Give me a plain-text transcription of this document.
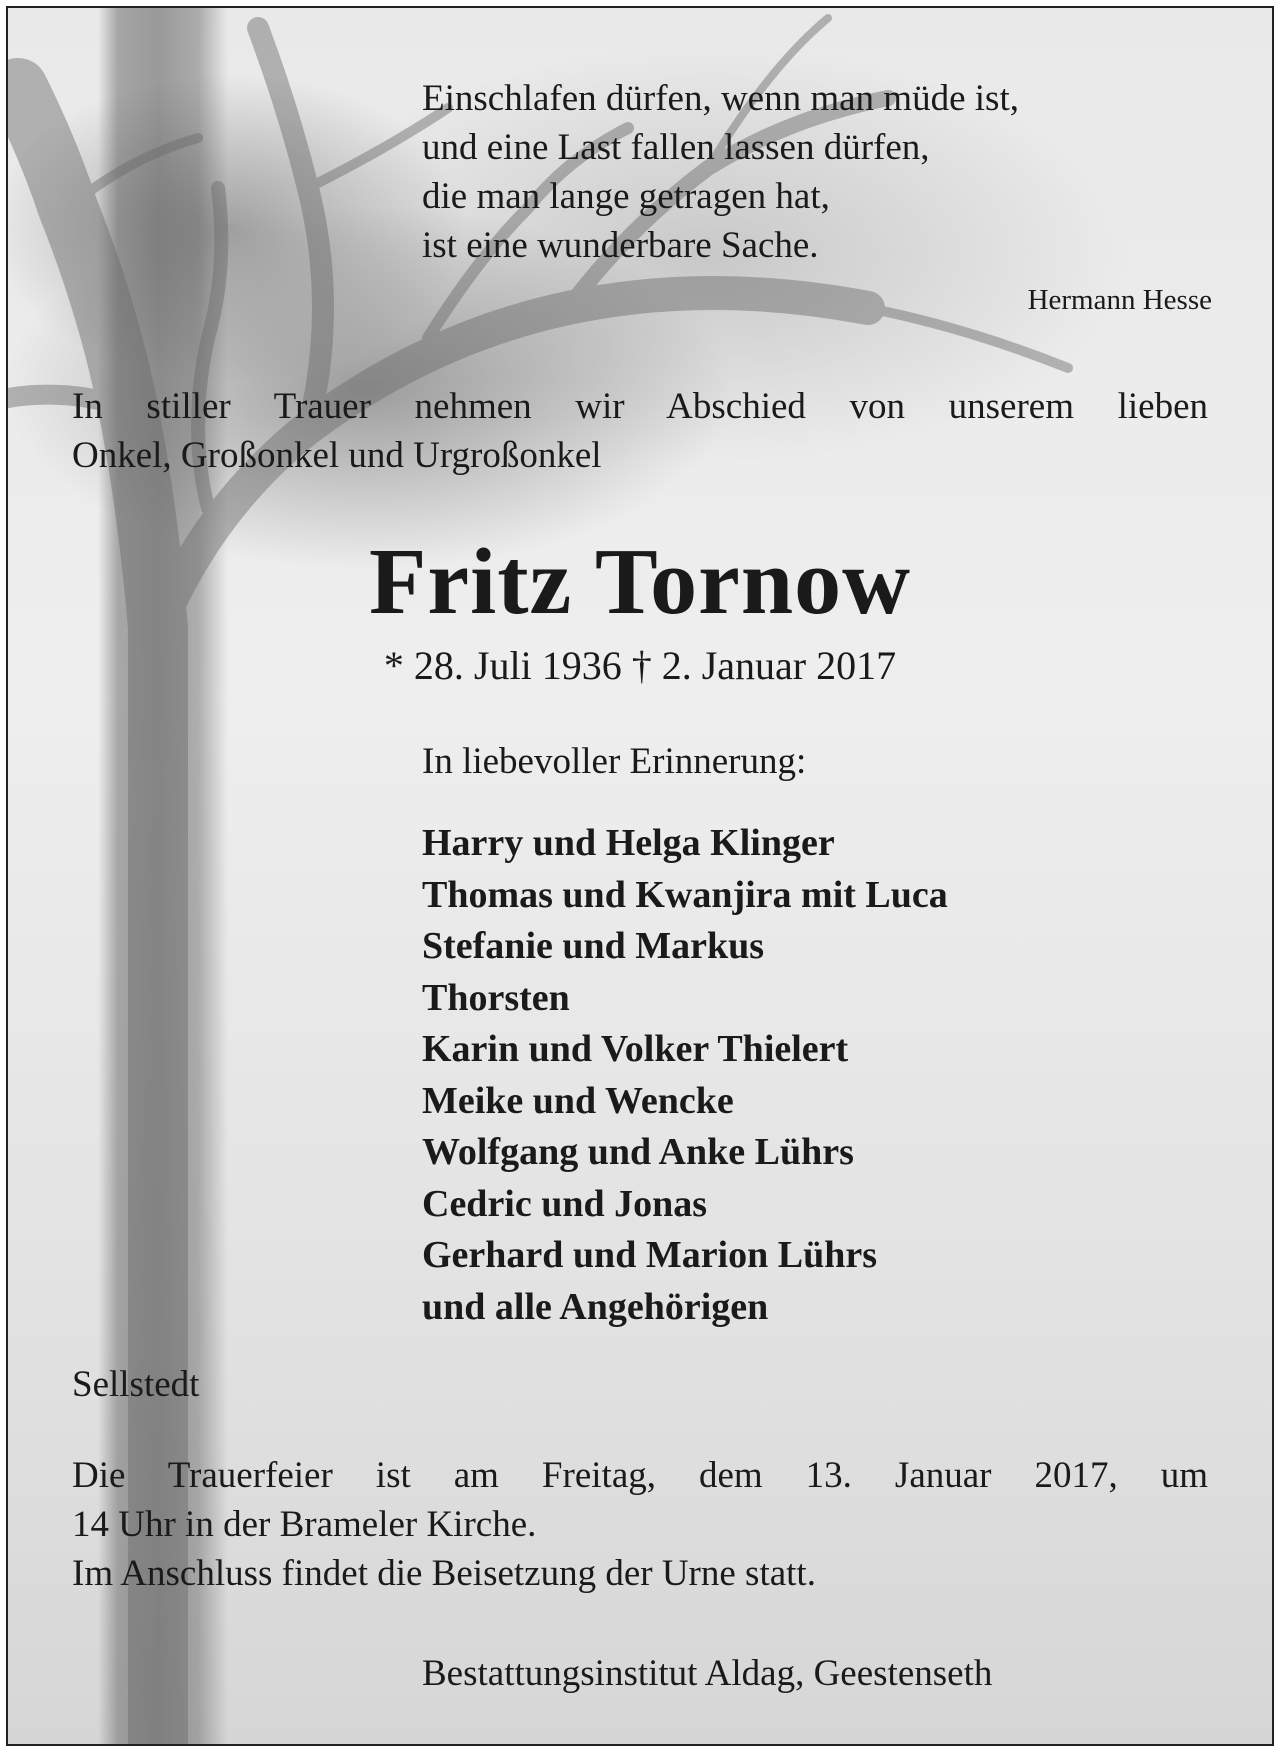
Einschlafen dürfen, wenn man müde ist,
und eine Last fallen lassen dürfen,
die man lange getragen hat,
ist eine wunderbare Sache.
Hermann Hesse
In stiller Trauer nehmen wir Abschied von unserem lieben
Onkel, Großonkel und Urgroßonkel
Fritz Tornow
* 28. Juli 1936 † 2. Januar 2017
In liebevoller Erinnerung:
Harry und Helga Klinger
Thomas und Kwanjira mit Luca
Stefanie und Markus
Thorsten
Karin und Volker Thielert
Meike und Wencke
Wolfgang und Anke Lührs
Cedric und Jonas
Gerhard und Marion Lührs
und alle Angehörigen
Sellstedt
Die Trauerfeier ist am Freitag, dem 13. Januar 2017, um
14 Uhr in der Brameler Kirche.
Im Anschluss findet die Beisetzung der Urne statt.
Bestattungsinstitut Aldag, Geestenseth
